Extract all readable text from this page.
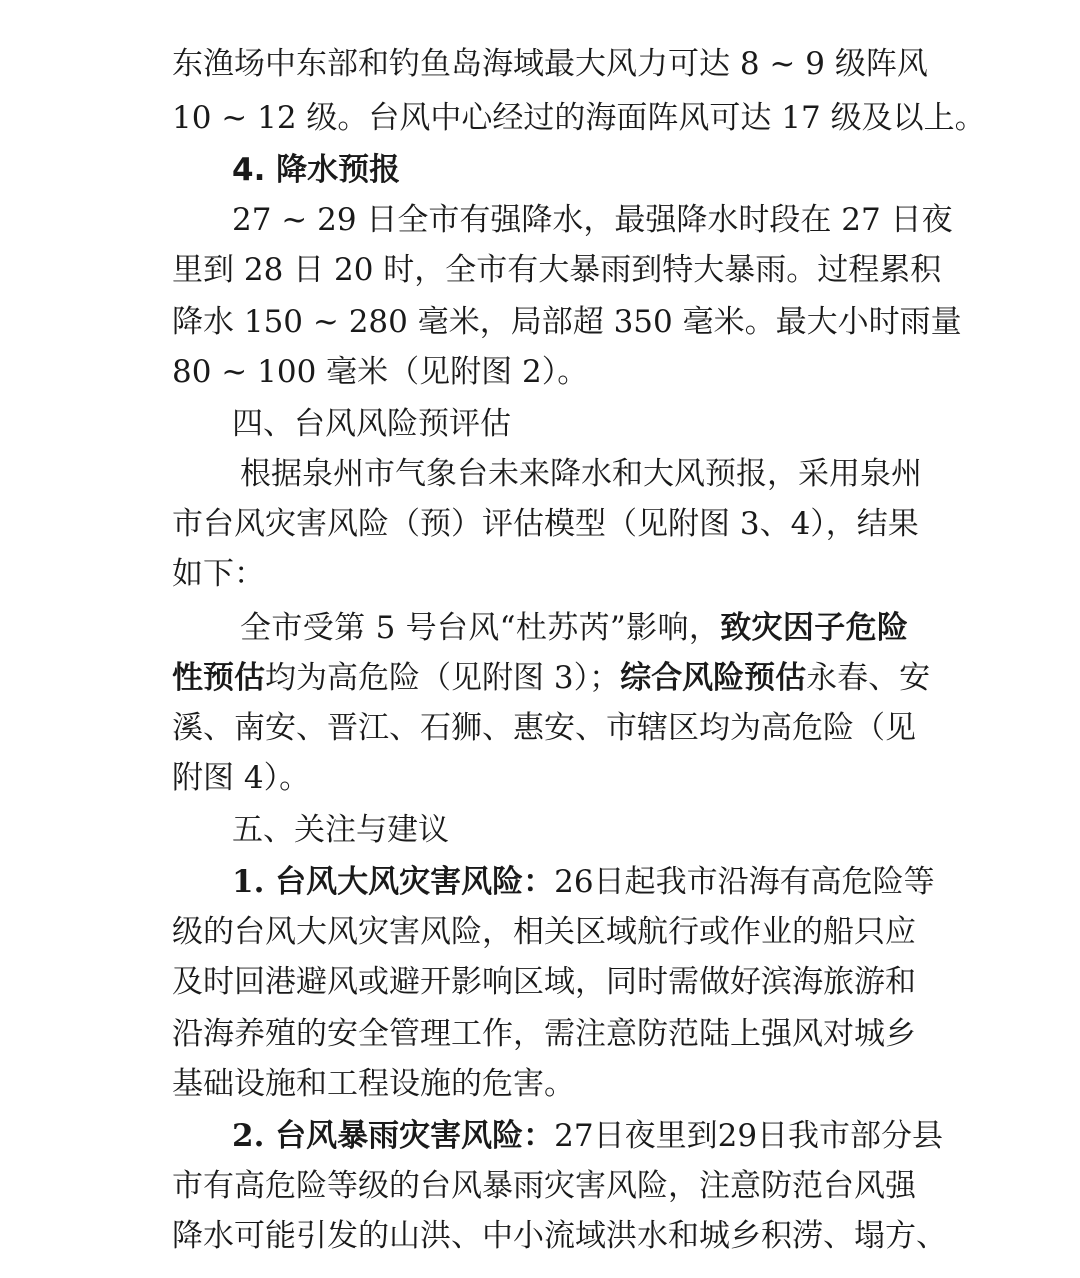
东渔场中东部和钓鱼岛海域最大风力可达 8 ~ 9 级阵风
10 ~ 12 级。台风中心经过的海面阵风可达 17 级及以上。
4. 降水预报
27 ~ 29 日全市有强降水，最强降水时段在 27 日夜
里到 28 日 20 时，全市有大暴雨到特大暴雨。过程累积
降水 150 ~ 280 毫米，局部超 350 毫米。最大小时雨量
80 ~ 100 毫米（见附图 2）。
四、台风风险预评估
根据泉州市气象台未来降水和大风预报，采用泉州
市台风灾害风险（预）评估模型（见附图 3、4），结果
如下：
全市受第 5 号台风“杜苏芮”影响，致灾因子危险
性预估均为高危险（见附图 3）；综合风险预估永春、安
溪、南安、晋江、石狮、惠安、市辖区均为高危险（见
附图 4）。
五、关注与建议
1. 台风大风灾害风险：26日起我市沿海有高危险等
级的台风大风灾害风险，相关区域航行或作业的船只应
及时回港避风或避开影响区域，同时需做好滨海旅游和
沿海养殖的安全管理工作，需注意防范陆上强风对城乡
基础设施和工程设施的危害。
2. 台风暴雨灾害风险：27日夜里到29日我市部分县
市有高危险等级的台风暴雨灾害风险，注意防范台风强
降水可能引发的山洪、中小流域洪水和城乡积涝、塌方、
